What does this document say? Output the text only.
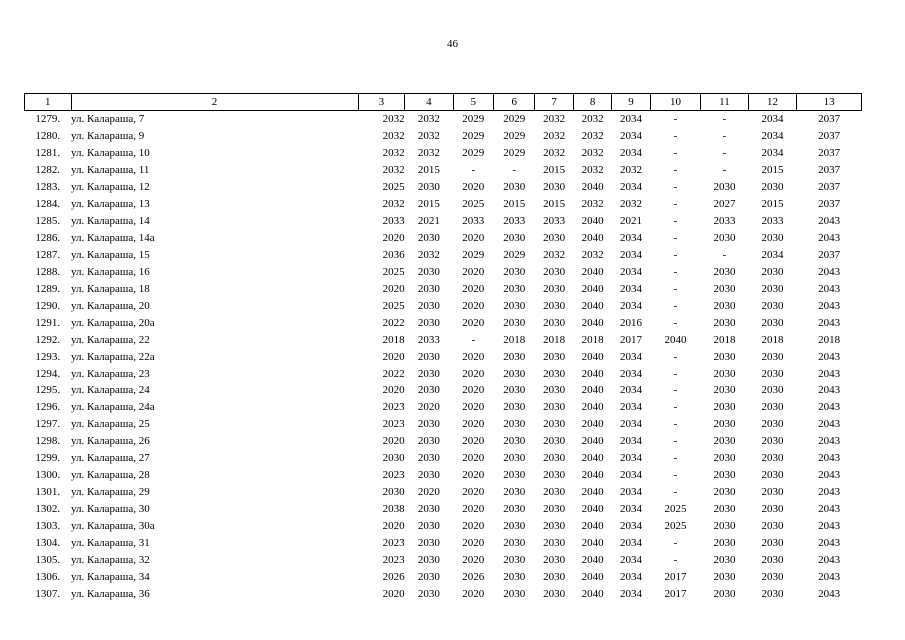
46
1	2	3	4	5	6	7	8	9	10	11	12	13
1279.	ул. Калараша, 7	2032	2032	2029	2029	2032	2032	2034	-	-	2034	2037
1280.	ул. Калараша, 9	2032	2032	2029	2029	2032	2032	2034	-	-	2034	2037
1281.	ул. Калараша, 10	2032	2032	2029	2029	2032	2032	2034	-	-	2034	2037
1282.	ул. Калараша, 11	2032	2015	-	-	2015	2032	2032	-	-	2015	2037
1283.	ул. Калараша, 12	2025	2030	2020	2030	2030	2040	2034	-	2030	2030	2037
1284.	ул. Калараша, 13	2032	2015	2025	2015	2015	2032	2032	-	2027	2015	2037
1285.	ул. Калараша, 14	2033	2021	2033	2033	2033	2040	2021	-	2033	2033	2043
1286.	ул. Калараша, 14а	2020	2030	2020	2030	2030	2040	2034	-	2030	2030	2043
1287.	ул. Калараша, 15	2036	2032	2029	2029	2032	2032	2034	-	-	2034	2037
1288.	ул. Калараша, 16	2025	2030	2020	2030	2030	2040	2034	-	2030	2030	2043
1289.	ул. Калараша, 18	2020	2030	2020	2030	2030	2040	2034	-	2030	2030	2043
1290.	ул. Калараша, 20	2025	2030	2020	2030	2030	2040	2034	-	2030	2030	2043
1291.	ул. Калараша, 20а	2022	2030	2020	2030	2030	2040	2016	-	2030	2030	2043
1292.	ул. Калараша, 22	2018	2033	-	2018	2018	2018	2017	2040	2018	2018	2018
1293.	ул. Калараша, 22а	2020	2030	2020	2030	2030	2040	2034	-	2030	2030	2043
1294.	ул. Калараша, 23	2022	2030	2020	2030	2030	2040	2034	-	2030	2030	2043
1295.	ул. Калараша, 24	2020	2030	2020	2030	2030	2040	2034	-	2030	2030	2043
1296.	ул. Калараша, 24а	2023	2020	2020	2030	2030	2040	2034	-	2030	2030	2043
1297.	ул. Калараша, 25	2023	2030	2020	2030	2030	2040	2034	-	2030	2030	2043
1298.	ул. Калараша, 26	2020	2030	2020	2030	2030	2040	2034	-	2030	2030	2043
1299.	ул. Калараша, 27	2030	2030	2020	2030	2030	2040	2034	-	2030	2030	2043
1300.	ул. Калараша, 28	2023	2030	2020	2030	2030	2040	2034	-	2030	2030	2043
1301.	ул. Калараша, 29	2030	2020	2020	2030	2030	2040	2034	-	2030	2030	2043
1302.	ул. Калараша, 30	2038	2030	2020	2030	2030	2040	2034	2025	2030	2030	2043
1303.	ул. Калараша, 30а	2020	2030	2020	2030	2030	2040	2034	2025	2030	2030	2043
1304.	ул. Калараша, 31	2023	2030	2020	2030	2030	2040	2034	-	2030	2030	2043
1305.	ул. Калараша, 32	2023	2030	2020	2030	2030	2040	2034	-	2030	2030	2043
1306.	ул. Калараша, 34	2026	2030	2026	2030	2030	2040	2034	2017	2030	2030	2043
1307.	ул. Калараша, 36	2020	2030	2020	2030	2030	2040	2034	2017	2030	2030	2043
